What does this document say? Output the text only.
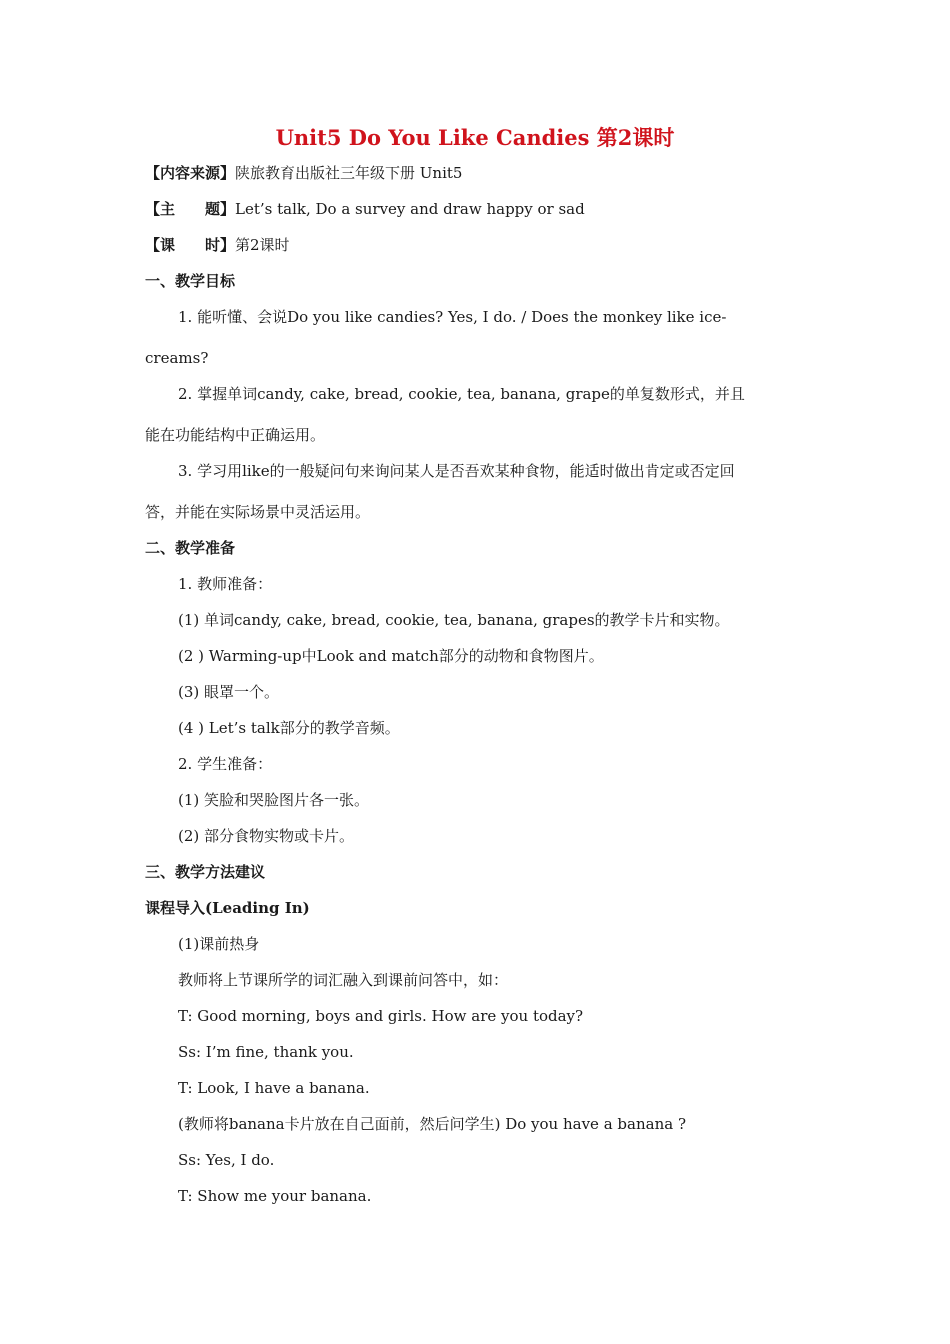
Unit5 Do You Like Candies 第2课时
【内容来源】陕旅教育出版社三年级下册 Unit5
【主　　题】Let’s talk, Do a survey and draw happy or sad
【课　　时】第2课时
一、教学目标
1. 能听懂、会说Do you like candies? Yes, I do. / Does the monkey like ice-
creams?
2. 掌握单词candy, cake, bread, cookie, tea, banana, grape的单复数形式，并且
能在功能结构中正确运用。
3. 学习用like的一般疑问句来询问某人是否吾欢某种食物，能适时做出肯定或否定回
答，并能在实际场景中灵活运用。
二、教学准备
1. 教师准备：
(1) 单词candy, cake, bread, cookie, tea, banana, grapes的教学卡片和实物。
(2 ) Warming-up中Look and match部分的动物和食物图片。
(3) 眼罩一个。
(4 ) Let’s talk部分的教学音频。
2. 学生准备：
(1) 笑脸和哭脸图片各一张。
(2) 部分食物实物或卡片。
三、教学方法建议
课程导入(Leading In)
(1)课前热身
教师将上节课所学的词汇融入到课前问答中，如：
T: Good morning, boys and girls. How are you today?
Ss: I’m fine, thank you.
T: Look, I have a banana.
(教师将banana卡片放在自己面前，然后问学生) Do you have a banana ?
Ss: Yes, I do.
T: Show me your banana.
